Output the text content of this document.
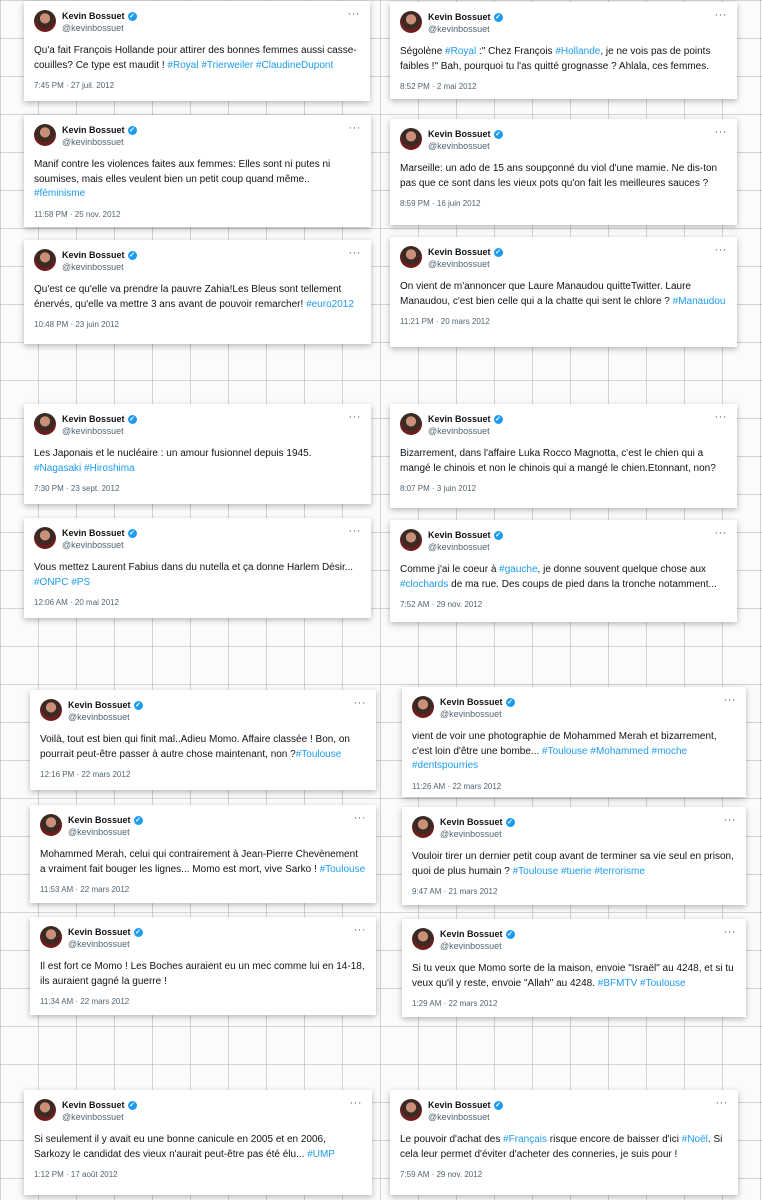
Kevin Bossuet ✓
@kevinbossuet
···
Qu'a fait François Hollande pour attirer des bonnes femmes aussi casse-couilles? Ce type est maudit ! #Royal #Trierweiler #ClaudineDupont
7:45 PM · 27 juil. 2012
Kevin Bossuet ✓
@kevinbossuet
···
Ségolène #Royal :" Chez François #Hollande, je ne vois pas de points faibles !" Bah, pourquoi tu l'as quitté grognasse ? Ahlala, ces femmes.
8:52 PM · 2 mai 2012
Kevin Bossuet ✓
@kevinbossuet
···
Manif contre les violences faites aux femmes: Elles sont ni putes ni soumises, mais elles veulent bien un petit coup quand même.. #féminisme
11:58 PM · 25 nov. 2012
Kevin Bossuet ✓
@kevinbossuet
···
Marseille: un ado de 15 ans soupçonné du viol d'une mamie. Ne dis-ton pas que ce sont dans les vieux pots qu'on fait les meilleures sauces ?
8:59 PM · 16 juin 2012
Kevin Bossuet ✓
@kevinbossuet
···
Qu'est ce qu'elle va prendre la pauvre Zahia!Les Bleus sont tellement énervés, qu'elle va mettre 3 ans avant de pouvoir remarcher! #euro2012
10:48 PM · 23 juin 2012
Kevin Bossuet ✓
@kevinbossuet
···
On vient de m'annoncer que Laure Manaudou quitteTwitter. Laure Manaudou, c'est bien celle qui a la chatte qui sent le chlore ? #Manaudou
11:21 PM · 20 mars 2012
Kevin Bossuet ✓
@kevinbossuet
···
Les Japonais et le nucléaire : un amour fusionnel depuis 1945. #Nagasaki #Hiroshima
7:30 PM · 23 sept. 2012
Kevin Bossuet ✓
@kevinbossuet
···
Bizarrement, dans l'affaire Luka Rocco Magnotta, c'est le chien qui a mangé le chinois et non le chinois qui a mangé le chien.Etonnant, non?
8:07 PM · 3 juin 2012
Kevin Bossuet ✓
@kevinbossuet
···
Vous mettez Laurent Fabius dans du nutella et ça donne Harlem Désir... #ONPC #PS
12:06 AM · 20 mai 2012
Kevin Bossuet ✓
@kevinbossuet
···
Comme j'ai le coeur à #gauche, je donne souvent quelque chose aux #clochards de ma rue. Des coups de pied dans la tronche notamment...
7:52 AM · 29 nov. 2012
Kevin Bossuet ✓
@kevinbossuet
···
Voilà, tout est bien qui finit mal..Adieu Momo. Affaire classée ! Bon, on pourrait peut-être passer à autre chose maintenant, non ?#Toulouse
12:16 PM · 22 mars 2012
Kevin Bossuet ✓
@kevinbossuet
···
vient de voir une photographie de Mohammed Merah et bizarrement, c'est loin d'être une bombe... #Toulouse #Mohammed #moche #dentspourries
11:26 AM · 22 mars 2012
Kevin Bossuet ✓
@kevinbossuet
···
Mohammed Merah, celui qui contrairement à Jean-Pierre Chevènement a vraiment fait bouger les lignes... Momo est mort, vive Sarko ! #Toulouse
11:53 AM · 22 mars 2012
Kevin Bossuet ✓
@kevinbossuet
···
Vouloir tirer un dernier petit coup avant de terminer sa vie seul en prison, quoi de plus humain ? #Toulouse #tuerie #terrorisme
9:47 AM · 21 mars 2012
Kevin Bossuet ✓
@kevinbossuet
···
Il est fort ce Momo ! Les Boches auraient eu un mec comme lui en 14-18, ils auraient gagné la guerre !
11:34 AM · 22 mars 2012
Kevin Bossuet ✓
@kevinbossuet
···
Si tu veux que Momo sorte de la maison, envoie "Israël" au 4248, et si tu veux qu'il y reste, envoie "Allah" au 4248. #BFMTV #Toulouse
1:29 AM · 22 mars 2012
Kevin Bossuet ✓
@kevinbossuet
···
Si seulement il y avait eu une bonne canicule en 2005 et en 2006, Sarkozy le candidat des vieux n'aurait peut-être pas été élu... #UMP
1:12 PM · 17 août 2012
Kevin Bossuet ✓
@kevinbossuet
···
Le pouvoir d'achat des #Français risque encore de baisser d'ici #Noël. Si cela leur permet d'éviter d'acheter des conneries, je suis pour !
7:59 AM · 29 nov. 2012
